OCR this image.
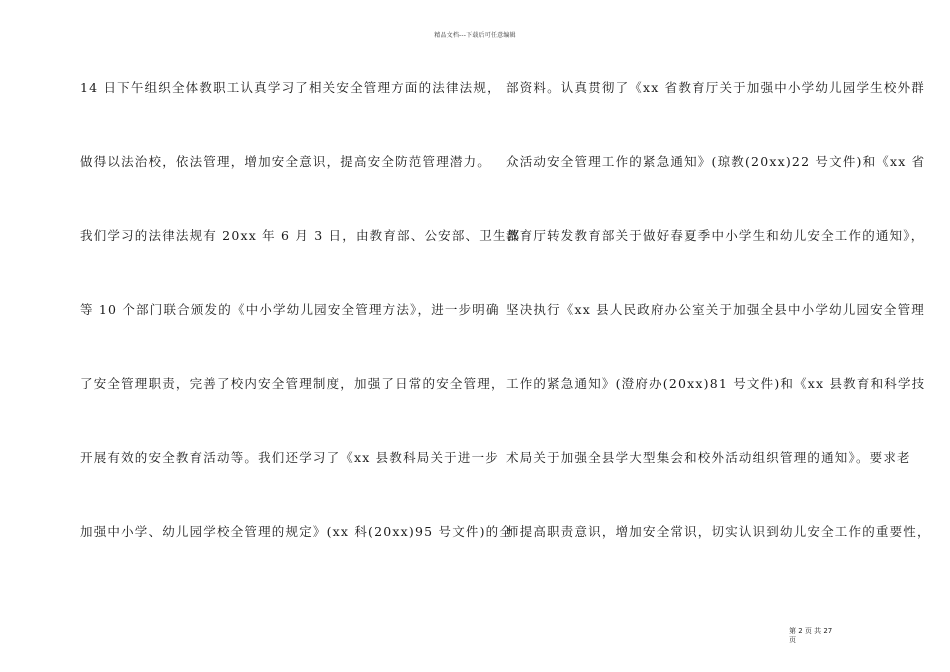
精品文档---下载后可任意编辑
14 日下午组织全体教职工认真学习了相关安全管理方面的法律法规，
做得以法治校，依法管理，增加安全意识，提高安全防范管理潜力。
我们学习的法律法规有 20xx 年 6 月 3 日，由教育部、公安部、卫生部
等 10 个部门联合颁发的《中小学幼儿园安全管理方法》，进一步明确
了安全管理职责，完善了校内安全管理制度，加强了日常的安全管理，
开展有效的安全教育活动等。我们还学习了《xx 县教科局关于进一步
加强中小学、幼儿园学校全管理的规定》(xx 科(20xx)95 号文件)的全
部资料。认真贯彻了《xx 省教育厅关于加强中小学幼儿园学生校外群
众活动安全管理工作的紧急通知》(琼教(20xx)22 号文件)和《xx 省
教育厅转发教育部关于做好春夏季中小学生和幼儿安全工作的通知》，
坚决执行《xx 县人民政府办公室关于加强全县中小学幼儿园安全管理
工作的紧急通知》(澄府办(20xx)81 号文件)和《xx 县教育和科学技
术局关于加强全县学大型集会和校外活动组织管理的通知》。要求老
师提高职责意识，增加安全常识，切实认识到幼儿安全工作的重要性，
第 2 页 共 27
页
